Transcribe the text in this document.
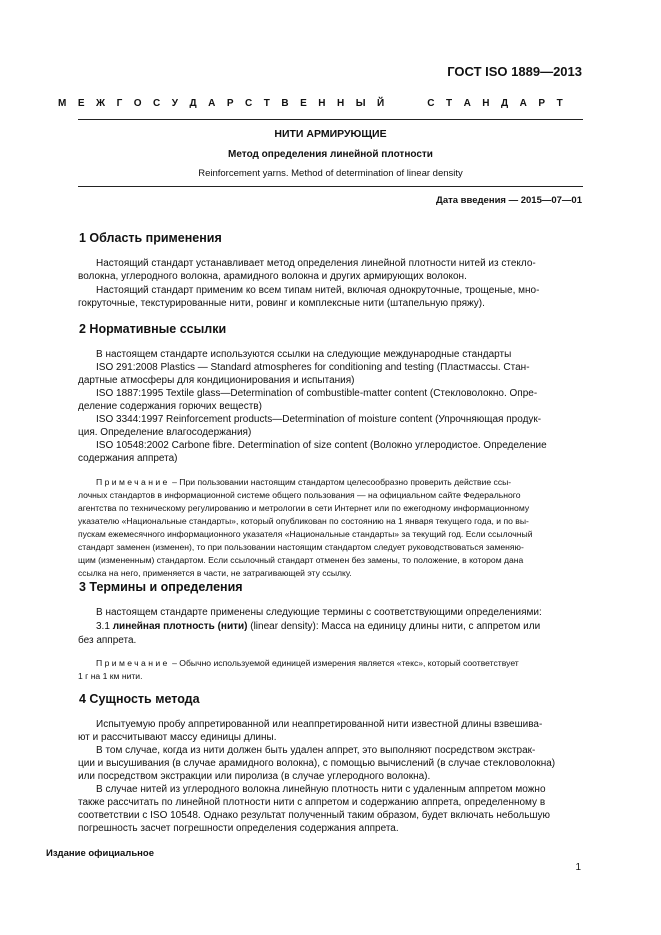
ГОСТ ISO 1889—2013
М Е Ж Г О С У Д А Р С Т В Е Н Н Ы Й	С Т А Н Д А Р Т
НИТИ АРМИРУЮЩИЕ
Метод определения линейной плотности
Reinforcement yarns. Method of determination of linear density
Дата введения — 2015—07—01
1 Область применения
Настоящий стандарт устанавливает метод определения линейной плотности нитей из стекло-
волокна, углеродного волокна, арамидного волокна и других армирующих волокон.
Настоящий стандарт применим ко всем типам нитей, включая однокруточные, трощеные, мно-
гокруточные, текстурированные нити, ровинг и комплексные нити (штапельную пряжу).
2 Нормативные ссылки
В настоящем стандарте используются ссылки на следующие международные стандарты
ISO 291:2008 Plastics — Standard atmospheres for conditioning and testing (Пластмассы. Стан-
дартные атмосферы для кондиционирования и испытания)
ISO 1887:1995 Textile glass—Determination of combustible-matter content (Стекловолокно. Опре-
деление содержания горючих веществ)
ISO 3344:1997 Reinforcement products—Determination of moisture content (Упрочняющая продук-
ция. Определение влагосодержания)
ISO 10548:2002 Carbone fibre. Determination of size content (Волокно углеродистое. Определение
содержания аппрета)
Примечание – При пользовании настоящим стандартом целесообразно проверить действие ссы-
лочных стандартов в информационной системе общего пользования — на официальном сайте Федерального
агентства по техническому регулированию и метрологии в сети Интернет или по ежегодному информационному
указателю «Национальные стандарты», который опубликован по состоянию на 1 января текущего года, и по вы-
пускам ежемесячного информационного указателя «Национальные стандарты» за текущий год. Если ссылочный
стандарт заменен (изменен), то при пользовании настоящим стандартом следует руководствоваться заменяю-
щим (измененным) стандартом. Если ссылочный стандарт отменен без замены, то положение, в котором дана
ссылка на него, применяется в части, не затрагивающей эту ссылку.
3 Термины и определения
В настоящем стандарте применены следующие термины с соответствующими определениями:
3.1 линейная плотность (нити) (linear density): Масса на единицу длины нити, с аппретом или
без аппрета.
Примечание – Обычно используемой единицей измерения является «текс», который соответствует
1 г на 1 км нити.
4 Сущность метода
Испытуемую пробу аппретированной или неаппретированной нити известной длины взвешива-
ют и рассчитывают массу единицы длины.
В том случае, когда из нити должен быть удален аппрет, это выполняют посредством экстрак-
ции и высушивания (в случае арамидного волокна), с помощью вычислений (в случае стекловолокна)
или посредством экстракции или пиролиза (в случае углеродного волокна).
В случае нитей из углеродного волокна линейную плотность нити с удаленным аппретом можно
также рассчитать по линейной плотности нити с аппретом и содержанию аппрета, определенному в
соответствии с ISO 10548. Однако результат полученный таким образом, будет включать небольшую
погрешность засчет погрешности определения содержания аппрета.
Издание официальное
1
